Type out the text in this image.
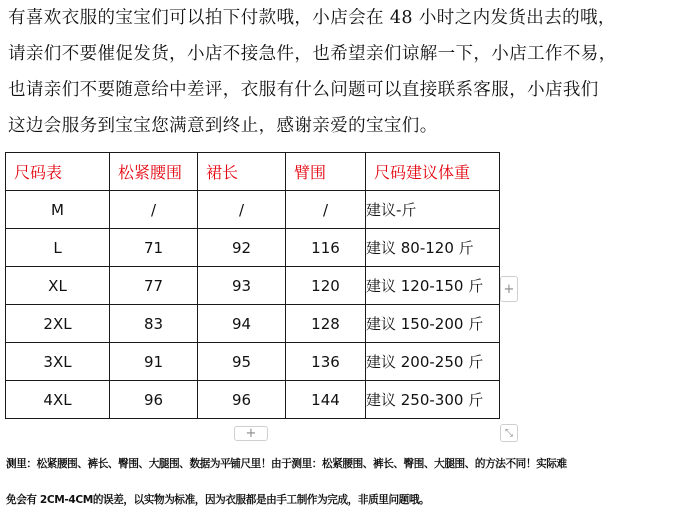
有喜欢衣服的宝宝们可以拍下付款哦，小店会在 48 小时之内发货出去的哦，
请亲们不要催促发货，小店不接急件，也希望亲们谅解一下，小店工作不易，
也请亲们不要随意给中差评，衣服有什么问题可以直接联系客服，小店我们
这边会服务到宝宝您满意到终止，感谢亲爱的宝宝们。
尺码表	松紧腰围	裙长	臂围	尺码建议体重
M	/	/	/	建议-斤
L	71	92	116	建议 80-120 斤
XL	77	93	120	建议 120-150 斤
2XL	83	94	128	建议 150-200 斤
3XL	91	95	136	建议 200-250 斤
4XL	96	96	144	建议 250-300 斤
+
+	⤡
测里：松紧腰围、裤长、臀围、大腿围、数据为平铺尺里！由于测里：松紧腰围、裤长、臀围、大腿围、的方法不同！实际难
免会有 2CM-4CM的误差，以实物为标准，因为衣服都是由手工制作为完成，非质里问题哦。
